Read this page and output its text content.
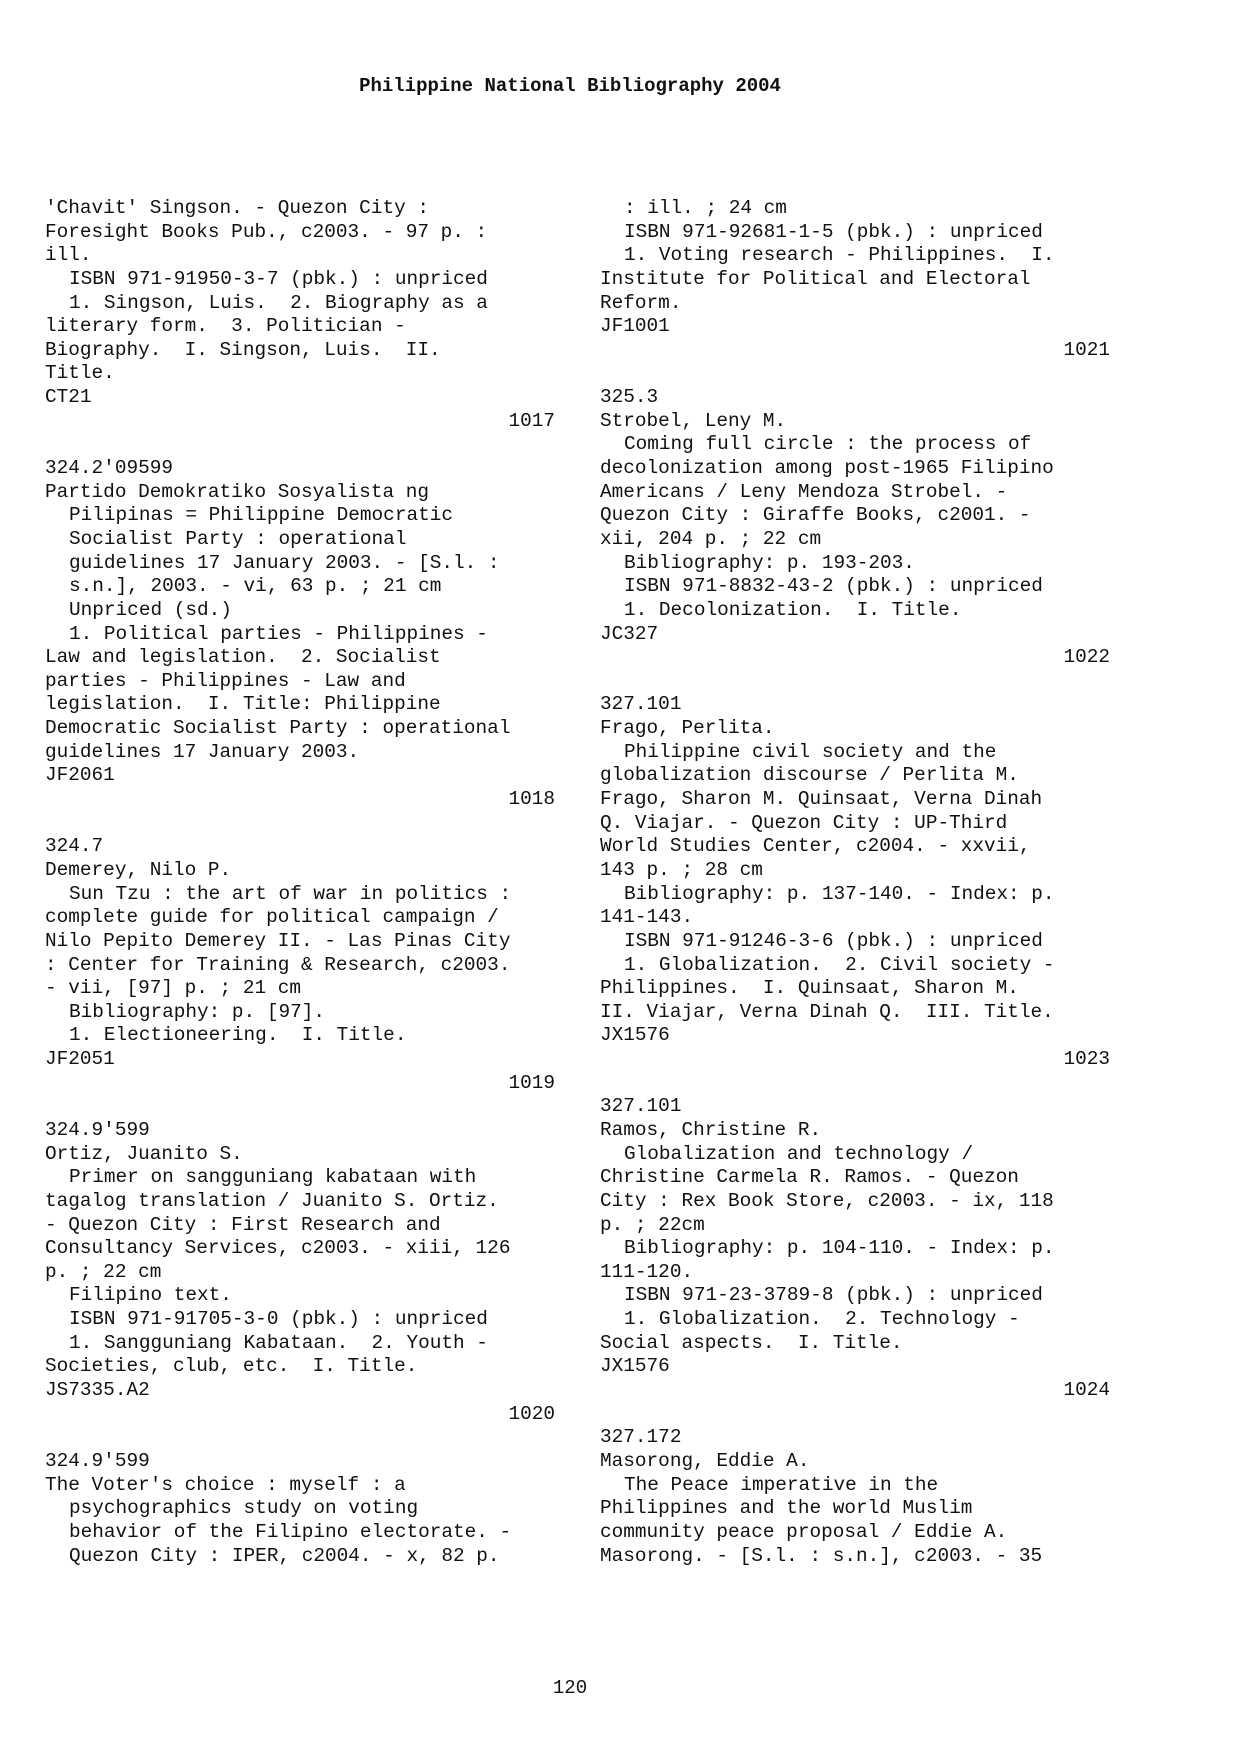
Philippine National Bibliography 2004
'Chavit' Singson. - Quezon City :
Foresight Books Pub., c2003. - 97 p. :
ill.
ISBN 971-91950-3-7 (pbk.) : unpriced
1. Singson, Luis.  2. Biography as a
literary form.  3. Politician -
Biography.  I. Singson, Luis.  II.
Title.
CT21
1017
324.2'09599
Partido Demokratiko Sosyalista ng
Pilipinas = Philippine Democratic
Socialist Party : operational
guidelines 17 January 2003. - [S.l. :
s.n.], 2003. - vi, 63 p. ; 21 cm
Unpriced (sd.)
1. Political parties - Philippines -
Law and legislation.  2. Socialist
parties - Philippines - Law and
legislation.  I. Title: Philippine
Democratic Socialist Party : operational
guidelines 17 January 2003.
JF2061
1018
324.7
Demerey, Nilo P.
Sun Tzu : the art of war in politics :
complete guide for political campaign /
Nilo Pepito Demerey II. - Las Pinas City
: Center for Training & Research, c2003.
- vii, [97] p. ; 21 cm
Bibliography: p. [97].
1. Electioneering.  I. Title.
JF2051
1019
324.9'599
Ortiz, Juanito S.
Primer on sangguniang kabataan with
tagalog translation / Juanito S. Ortiz.
- Quezon City : First Research and
Consultancy Services, c2003. - xiii, 126
p. ; 22 cm
Filipino text.
ISBN 971-91705-3-0 (pbk.) : unpriced
1. Sangguniang Kabataan.  2. Youth -
Societies, club, etc.  I. Title.
JS7335.A2
1020
324.9'599
The Voter's choice : myself : a
psychographics study on voting
behavior of the Filipino electorate. -
Quezon City : IPER, c2004. - x, 82 p.
: ill. ; 24 cm
ISBN 971-92681-1-5 (pbk.) : unpriced
1. Voting research - Philippines.  I.
Institute for Political and Electoral
Reform.
JF1001
1021
325.3
Strobel, Leny M.
Coming full circle : the process of
decolonization among post-1965 Filipino
Americans / Leny Mendoza Strobel. -
Quezon City : Giraffe Books, c2001. -
xii, 204 p. ; 22 cm
Bibliography: p. 193-203.
ISBN 971-8832-43-2 (pbk.) : unpriced
1. Decolonization.  I. Title.
JC327
1022
327.101
Frago, Perlita.
Philippine civil society and the
globalization discourse / Perlita M.
Frago, Sharon M. Quinsaat, Verna Dinah
Q. Viajar. - Quezon City : UP-Third
World Studies Center, c2004. - xxvii,
143 p. ; 28 cm
Bibliography: p. 137-140. - Index: p.
141-143.
ISBN 971-91246-3-6 (pbk.) : unpriced
1. Globalization.  2. Civil society -
Philippines.  I. Quinsaat, Sharon M.
II. Viajar, Verna Dinah Q.  III. Title.
JX1576
1023
327.101
Ramos, Christine R.
Globalization and technology /
Christine Carmela R. Ramos. - Quezon
City : Rex Book Store, c2003. - ix, 118
p. ; 22cm
Bibliography: p. 104-110. - Index: p.
111-120.
ISBN 971-23-3789-8 (pbk.) : unpriced
1. Globalization.  2. Technology -
Social aspects.  I. Title.
JX1576
1024
327.172
Masorong, Eddie A.
The Peace imperative in the
Philippines and the world Muslim
community peace proposal / Eddie A.
Masorong. - [S.l. : s.n.], c2003. - 35
120
